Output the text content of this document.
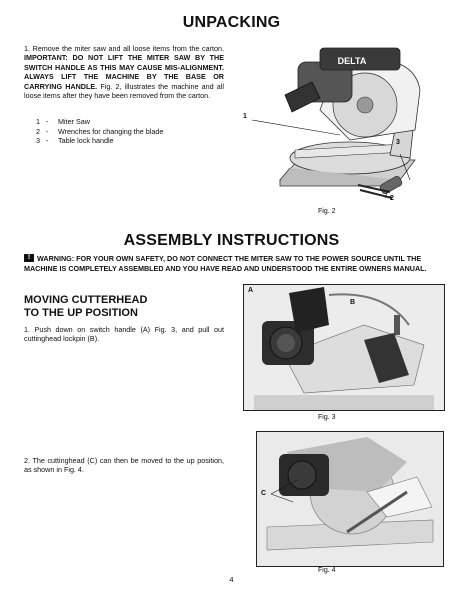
UNPACKING

1. Remove the miter saw and all loose items from the carton. IMPORTANT: DO NOT LIFT THE MITER SAW BY THE SWITCH HANDLE AS THIS MAY CAUSE MIS-ALIGNMENT. ALWAYS LIFT THE MACHINE BY THE BASE OR CARRYING HANDLE. Fig. 2, illustrates the machine and all loose items after they have been removed from the carton.

1 - Miter Saw
2 - Wrenches for changing the blade
3 - Table lock handle
DELTA
1
2
3
Fig. 2
ASSEMBLY INSTRUCTIONS
! WARNING: FOR YOUR OWN SAFETY, DO NOT CONNECT THE MITER SAW TO THE POWER SOURCE UNTIL THE MACHINE IS COMPLETELY ASSEMBLED AND YOU HAVE READ AND UNDERSTOOD THE ENTIRE OWNERS MANUAL.
MOVING CUTTERHEAD
TO THE UP POSITION

1. Push down on switch handle (A) Fig. 3, and pull out cuttinghead lockpin (B).

A
B
Fig. 3

2. The cuttinghead (C) can then be moved to the up position, as shown in Fig. 4.

C
Fig. 4
4
